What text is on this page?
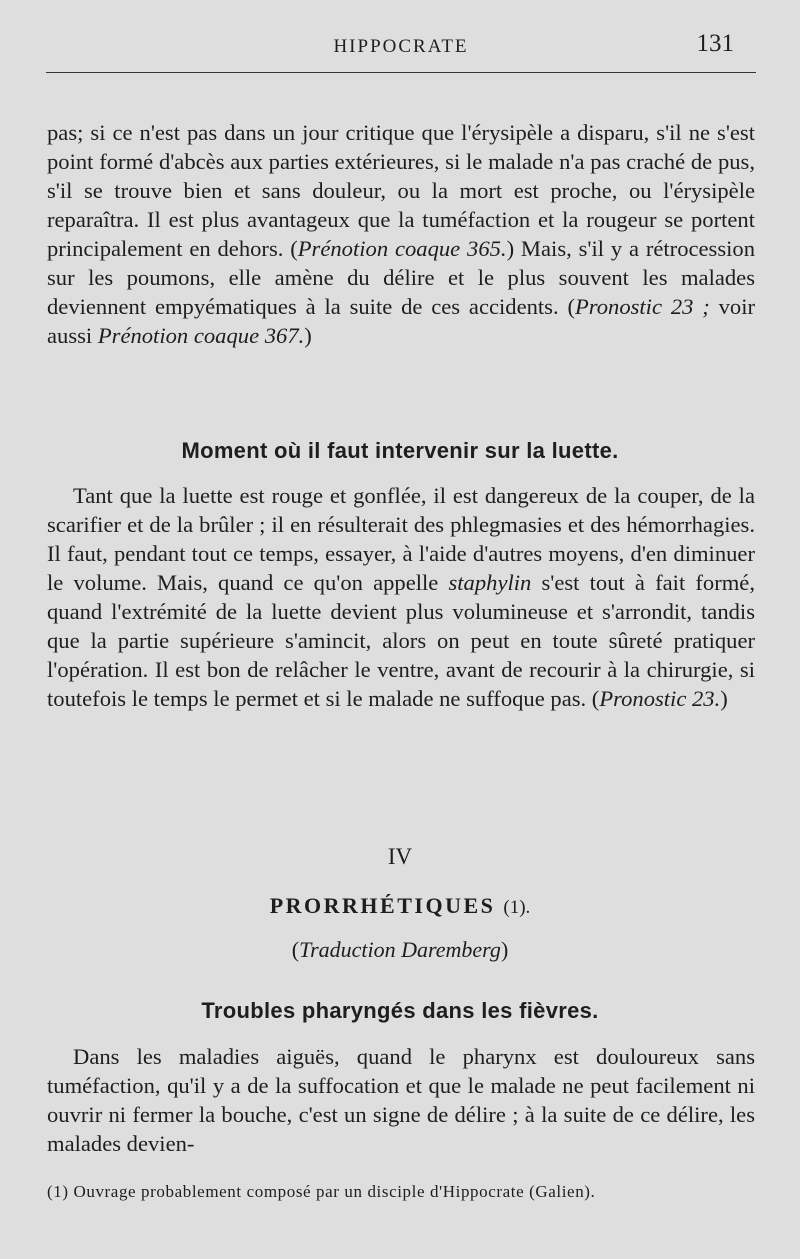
HIPPOCRATE	131

pas; si ce n'est pas dans un jour critique que l'érysipèle a disparu, s'il ne s'est point formé d'abcès aux parties extérieures, si le malade n'a pas craché de pus, s'il se trouve bien et sans douleur, ou la mort est proche, ou l'érysipèle reparaîtra. Il est plus avantageux que la tuméfaction et la rougeur se portent principalement en dehors. (Prénotion coaque 365.) Mais, s'il y a rétrocession sur les poumons, elle amène du délire et le plus souvent les malades deviennent empyématiques à la suite de ces accidents. (Pronostic 23 ; voir aussi Prénotion coaque 367.)

Moment où il faut intervenir sur la luette.

Tant que la luette est rouge et gonflée, il est dangereux de la couper, de la scarifier et de la brûler ; il en résulterait des phlegmasies et des hémorrhagies. Il faut, pendant tout ce temps, essayer, à l'aide d'autres moyens, d'en diminuer le volume. Mais, quand ce qu'on appelle staphylin s'est tout à fait formé, quand l'extrémité de la luette devient plus volumineuse et s'arrondit, tandis que la partie supérieure s'amincit, alors on peut en toute sûreté pratiquer l'opération. Il est bon de relâcher le ventre, avant de recourir à la chirurgie, si toutefois le temps le permet et si le malade ne suffoque pas. (Pronostic 23.)

IV
PRORRHÉTIQUES (1).
(Traduction Daremberg)
Troubles pharyngés dans les fièvres.

Dans les maladies aiguës, quand le pharynx est douloureux sans tuméfaction, qu'il y a de la suffocation et que le malade ne peut facilement ni ouvrir ni fermer la bouche, c'est un signe de délire ; à la suite de ce délire, les malades devien-

(1) Ouvrage probablement composé par un disciple d'Hippocrate (Galien).
